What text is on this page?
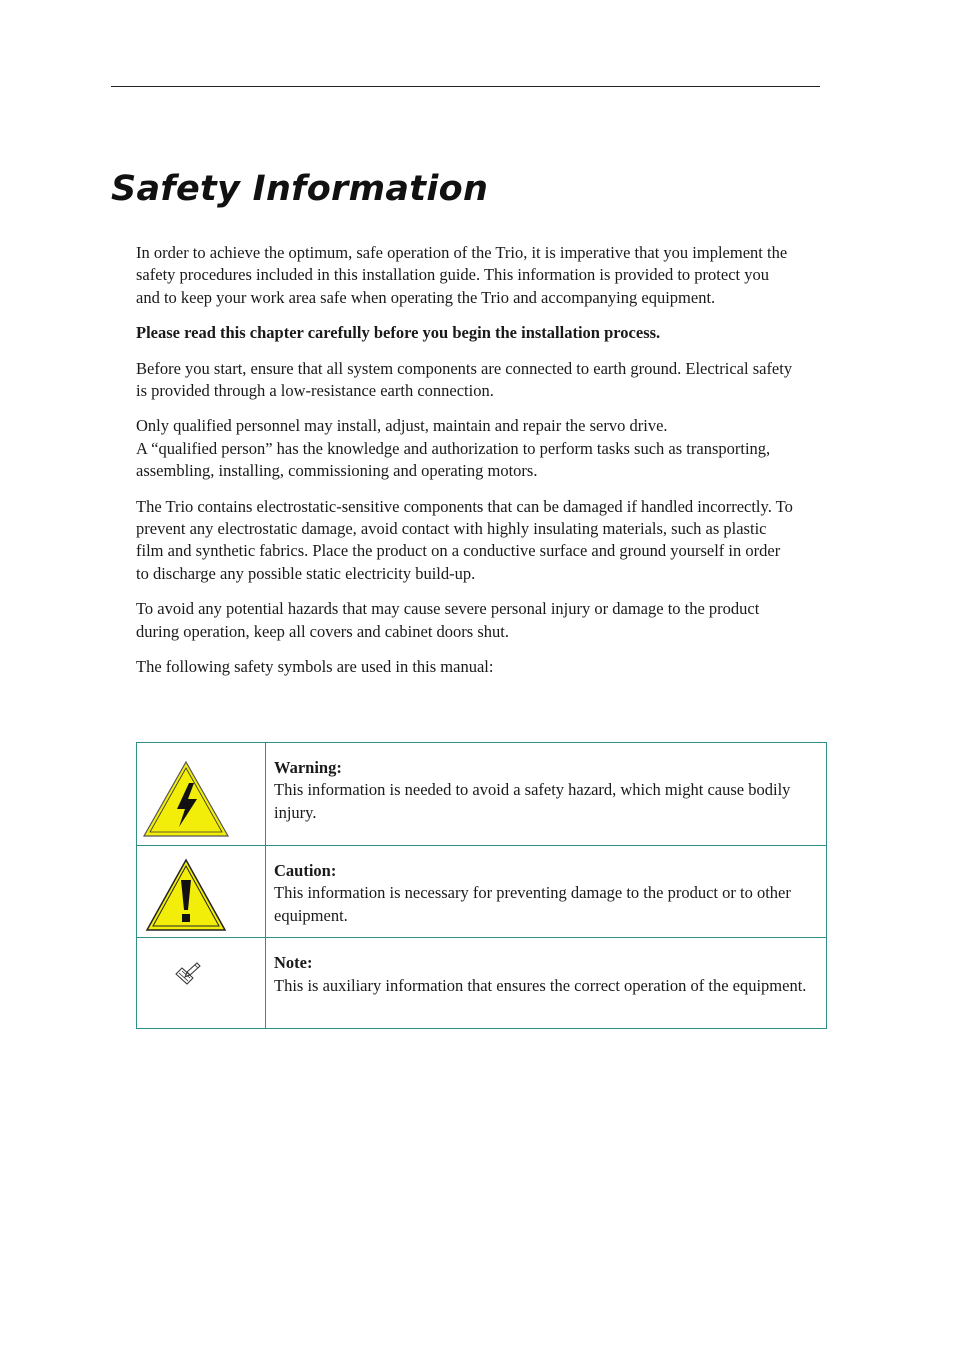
Safety Information

In order to achieve the optimum, safe operation of the Trio, it is imperative that you implement the safety procedures included in this installation guide. This information is provided to protect you and to keep your work area safe when operating the Trio and accompanying equipment.

Please read this chapter carefully before you begin the installation process.

Before you start, ensure that all system components are connected to earth ground. Electrical safety is provided through a low-resistance earth connection.

Only qualified personnel may install, adjust, maintain and repair the servo drive.
A “qualified person” has the knowledge and authorization to perform tasks such as transporting, assembling, installing, commissioning and operating motors.

The Trio contains electrostatic-sensitive components that can be damaged if handled incorrectly. To prevent any electrostatic damage, avoid contact with highly insulating materials, such as plastic film and synthetic fabrics. Place the product on a conductive surface and ground yourself in order to discharge any possible static electricity build-up.

To avoid any potential hazards that may cause severe personal injury or damage to the product during operation, keep all covers and cabinet doors shut.

The following safety symbols are used in this manual:

Warning:
This information is needed to avoid a safety hazard, which might cause bodily injury.

Caution:
This information is necessary for preventing damage to the product or to other equipment.

Note:
This is auxiliary information that ensures the correct operation of the equipment.
